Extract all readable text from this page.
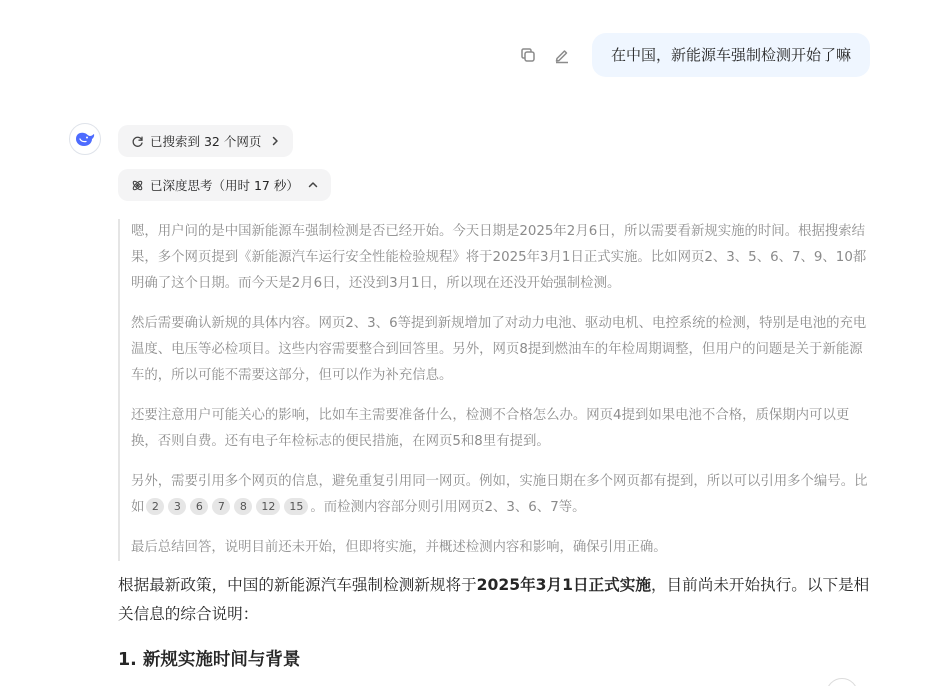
在中国，新能源车强制检测开始了嘛
已搜索到 32 个网页
已深度思考（用时 17 秒）

嗯，用户问的是中国新能源车强制检测是否已经开始。今天日期是2025年2月6日，所以需要看新规实施的时间。根据搜索结果，多个网页提到《新能源汽车运行安全性能检验规程》将于2025年3月1日正式实施。比如网页2、3、5、6、7、9、10都明确了这个日期。而今天是2月6日，还没到3月1日，所以现在还没开始强制检测。

然后需要确认新规的具体内容。网页2、3、6等提到新规增加了对动力电池、驱动电机、电控系统的检测，特别是电池的充电温度、电压等必检项目。这些内容需要整合到回答里。另外，网页8提到燃油车的年检周期调整，但用户的问题是关于新能源车的，所以可能不需要这部分，但可以作为补充信息。

还要注意用户可能关心的影响，比如车主需要准备什么，检测不合格怎么办。网页4提到如果电池不合格，质保期内可以更换，否则自费。还有电子年检标志的便民措施，在网页5和8里有提到。

另外，需要引用多个网页的信息，避免重复引用同一网页。例如，实施日期在多个网页都有提到，所以可以引用多个编号。比如 2 3 6 7 8 12 15 。而检测内容部分则引用网页2、3、6、7等。

最后总结回答，说明目前还未开始，但即将实施，并概述检测内容和影响，确保引用正确。

根据最新政策，中国的新能源汽车强制检测新规将于2025年3月1日正式实施，目前尚未开始执行。以下是相关信息的综合说明：
1. 新规实施时间与背景
